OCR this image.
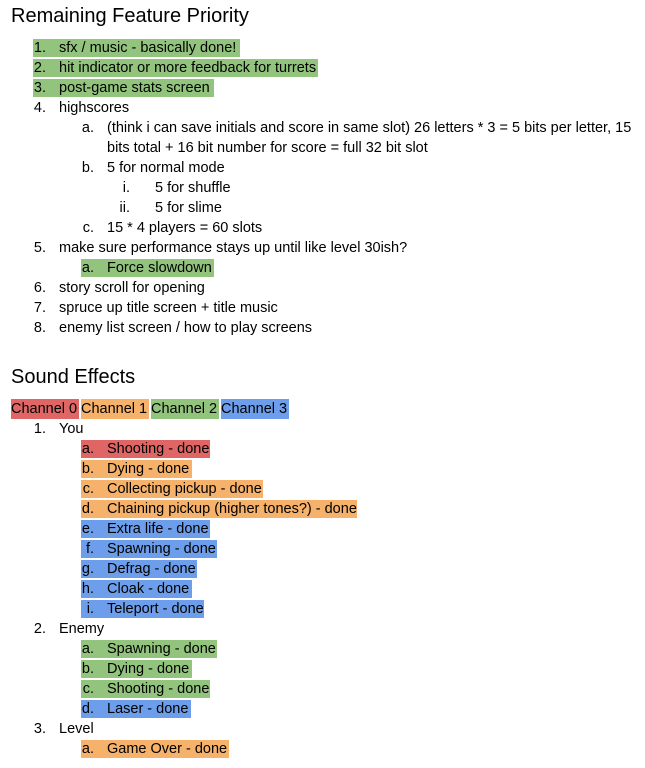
Remaining Feature Priority
1. sfx / music - basically done!
2. hit indicator or more feedback for turrets
3. post-game stats screen
4. highscores
a. (think i can save initials and score in same slot) 26 letters * 3 = 5 bits per letter, 15
bits total + 16 bit number for score = full 32 bit slot
b. 5 for normal mode
i. 5 for shuffle
ii. 5 for slime
c. 15 * 4 players = 60 slots
5. make sure performance stays up until like level 30ish?
a. Force slowdown
6. story scroll for opening
7. spruce up title screen + title music
8. enemy list screen / how to play screens
Sound Effects
Channel 0 Channel 1 Channel 2 Channel 3
1. You
a. Shooting - done
b. Dying - done
c. Collecting pickup - done
d. Chaining pickup (higher tones?) - done
e. Extra life - done
f. Spawning - done
g. Defrag - done
h. Cloak - done
i. Teleport - done
2. Enemy
a. Spawning - done
b. Dying - done
c. Shooting - done
d. Laser - done
3. Level
a. Game Over - done
